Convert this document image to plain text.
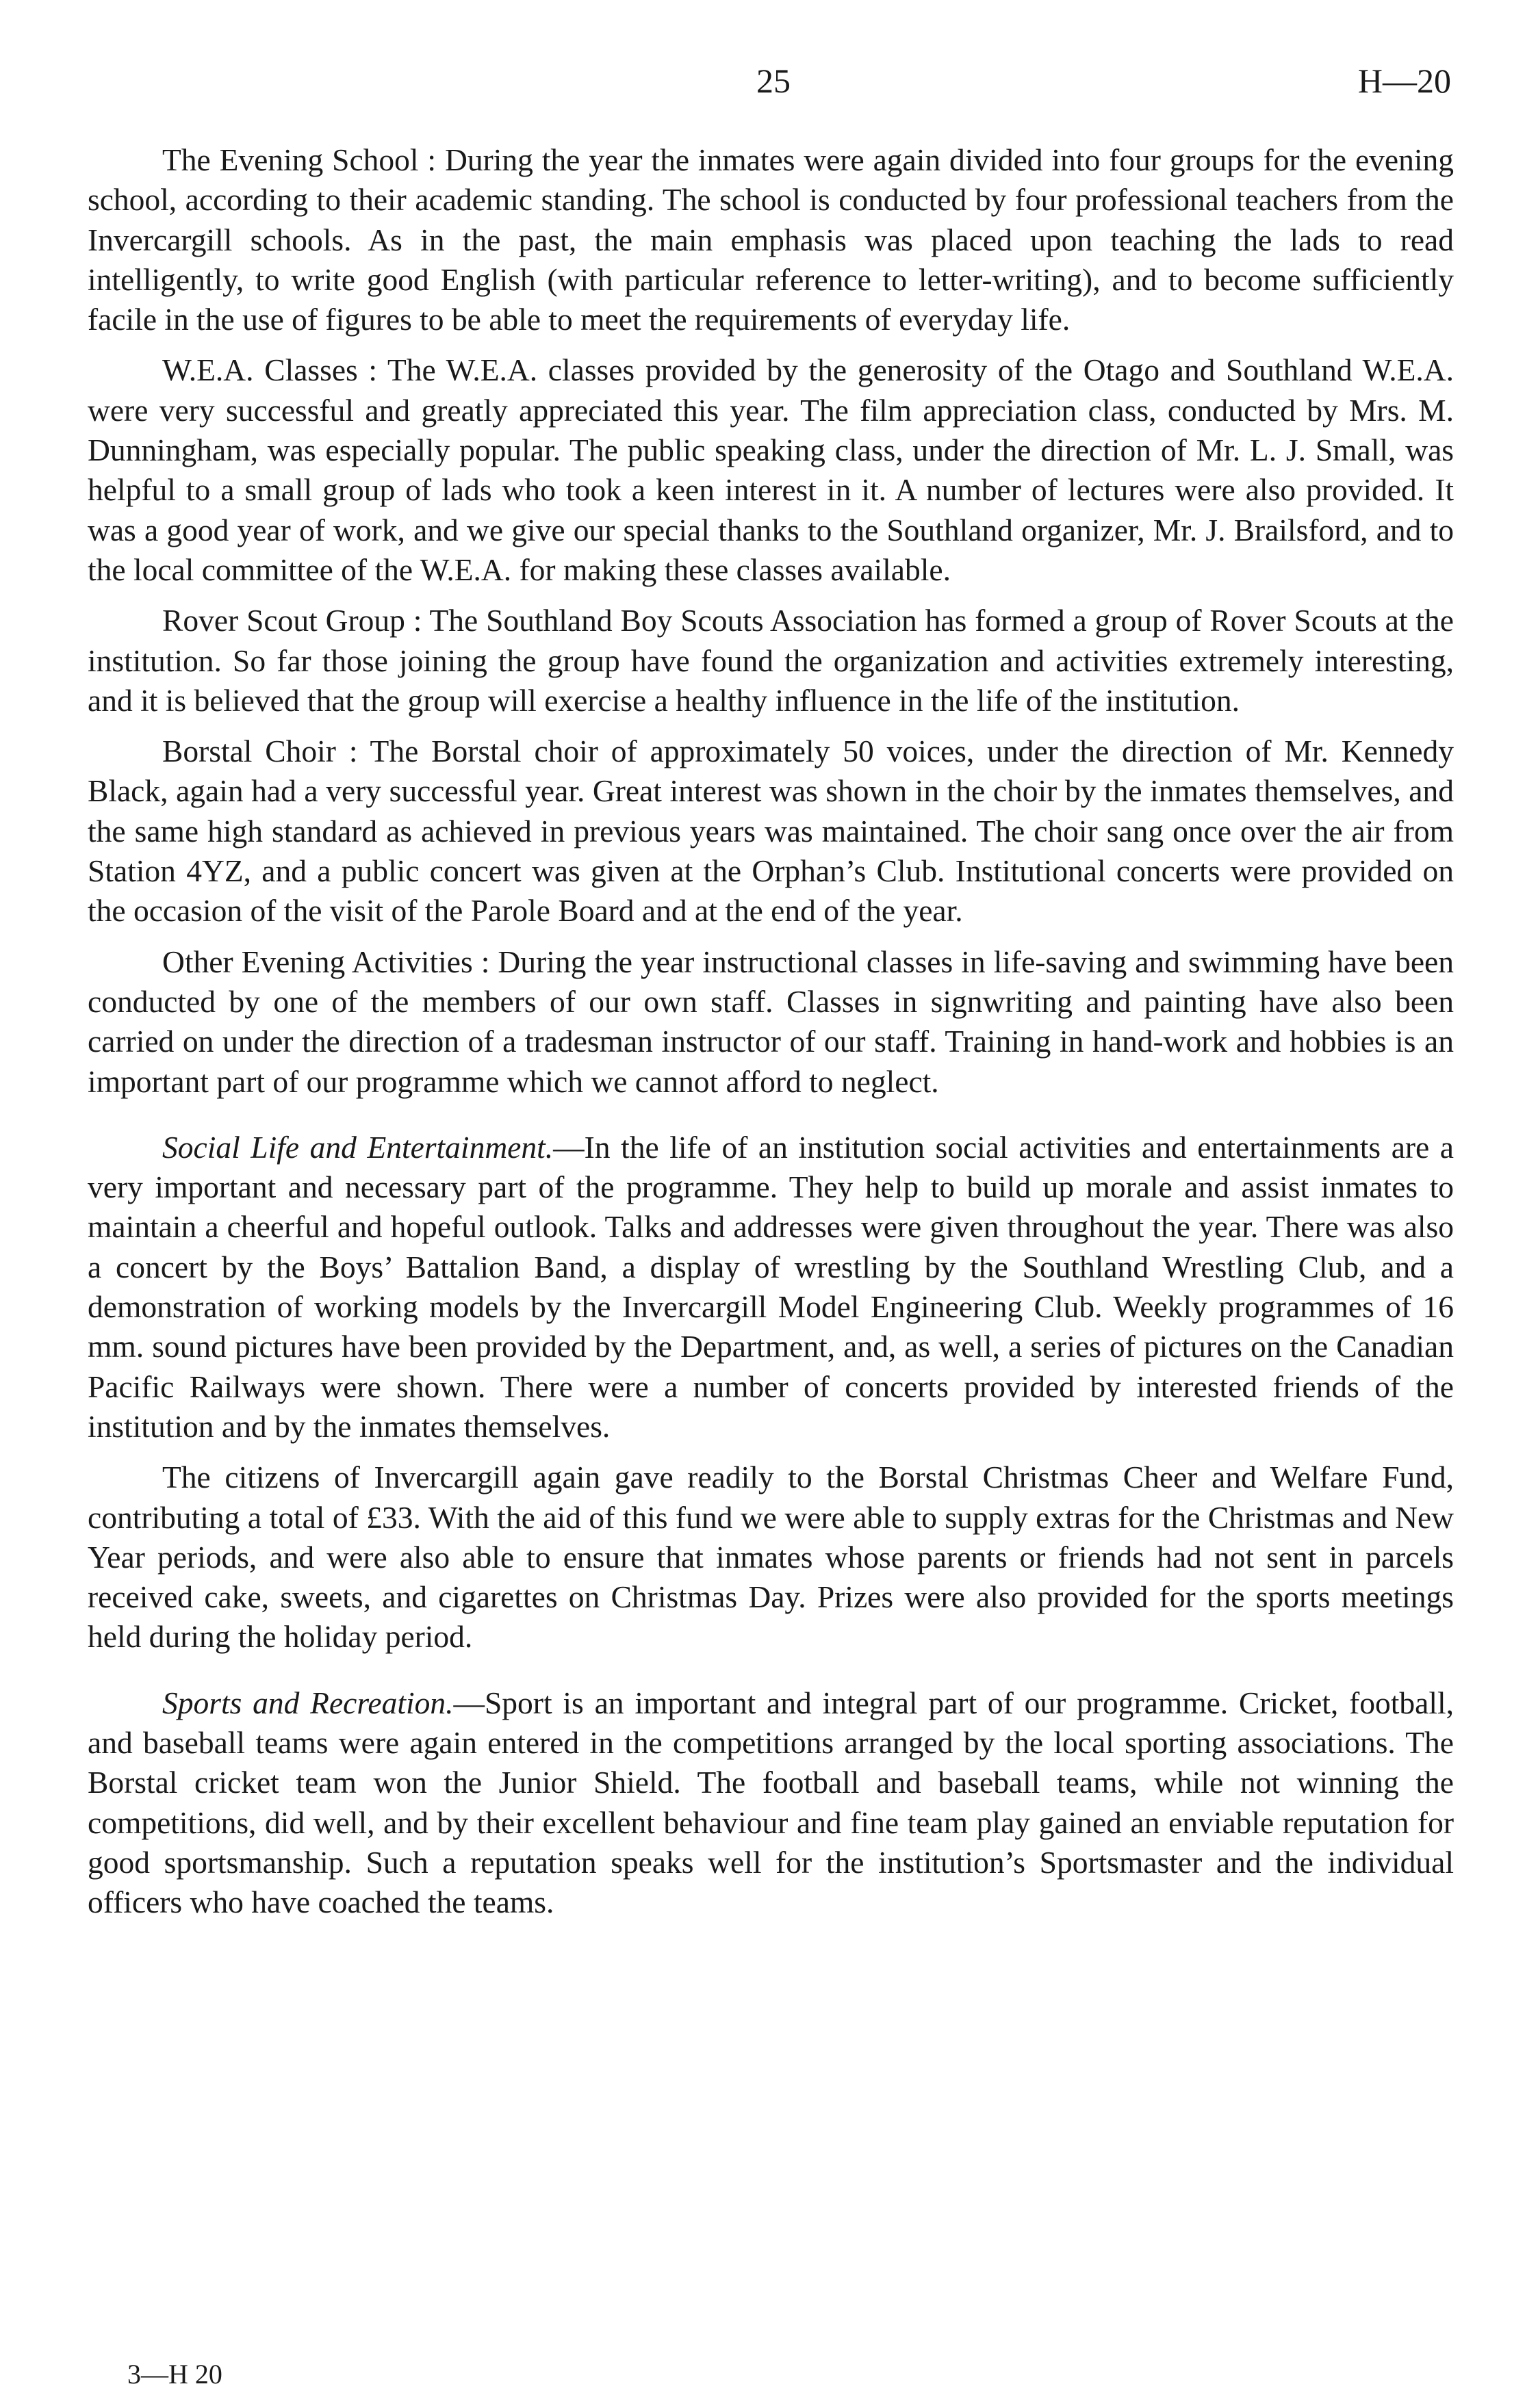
25	H—20

The Evening School : During the year the inmates were again divided into four groups for the evening school, according to their academic standing. The school is conducted by four professional teachers from the Invercargill schools. As in the past, the main emphasis was placed upon teaching the lads to read intelligently, to write good English (with particular reference to letter-writing), and to become sufficiently facile in the use of figures to be able to meet the requirements of everyday life.

W.E.A. Classes : The W.E.A. classes provided by the generosity of the Otago and Southland W.E.A. were very successful and greatly appreciated this year. The film appreciation class, conducted by Mrs. M. Dunningham, was especially popular. The public speaking class, under the direction of Mr. L. J. Small, was helpful to a small group of lads who took a keen interest in it. A number of lectures were also provided. It was a good year of work, and we give our special thanks to the Southland organizer, Mr. J. Brailsford, and to the local committee of the W.E.A. for making these classes available.

Rover Scout Group : The Southland Boy Scouts Association has formed a group of Rover Scouts at the institution. So far those joining the group have found the organization and activities extremely interesting, and it is believed that the group will exercise a healthy influence in the life of the institution.

Borstal Choir : The Borstal choir of approximately 50 voices, under the direction of Mr. Kennedy Black, again had a very successful year. Great interest was shown in the choir by the inmates themselves, and the same high standard as achieved in previous years was maintained. The choir sang once over the air from Station 4YZ, and a public concert was given at the Orphan’s Club. Institutional concerts were provided on the occasion of the visit of the Parole Board and at the end of the year.

Other Evening Activities : During the year instructional classes in life-saving and swimming have been conducted by one of the members of our own staff. Classes in signwriting and painting have also been carried on under the direction of a tradesman instructor of our staff. Training in hand-work and hobbies is an important part of our programme which we cannot afford to neglect.

Social Life and Entertainment.—In the life of an institution social activities and entertainments are a very important and necessary part of the programme. They help to build up morale and assist inmates to maintain a cheerful and hopeful outlook. Talks and addresses were given throughout the year. There was also a concert by the Boys’ Battalion Band, a display of wrestling by the Southland Wrestling Club, and a demonstration of working models by the Invercargill Model Engineering Club. Weekly programmes of 16 mm. sound pictures have been provided by the Department, and, as well, a series of pictures on the Canadian Pacific Railways were shown. There were a number of concerts provided by interested friends of the institution and by the inmates themselves.

The citizens of Invercargill again gave readily to the Borstal Christmas Cheer and Welfare Fund, contributing a total of £33. With the aid of this fund we were able to supply extras for the Christmas and New Year periods, and were also able to ensure that inmates whose parents or friends had not sent in parcels received cake, sweets, and cigarettes on Christmas Day. Prizes were also provided for the sports meetings held during the holiday period.

Sports and Recreation.—Sport is an important and integral part of our programme. Cricket, football, and baseball teams were again entered in the competitions arranged by the local sporting associations. The Borstal cricket team won the Junior Shield. The football and baseball teams, while not winning the competitions, did well, and by their excellent behaviour and fine team play gained an enviable reputation for good sportsmanship. Such a reputation speaks well for the institution’s Sportsmaster and the individual officers who have coached the teams.

3—H 20
